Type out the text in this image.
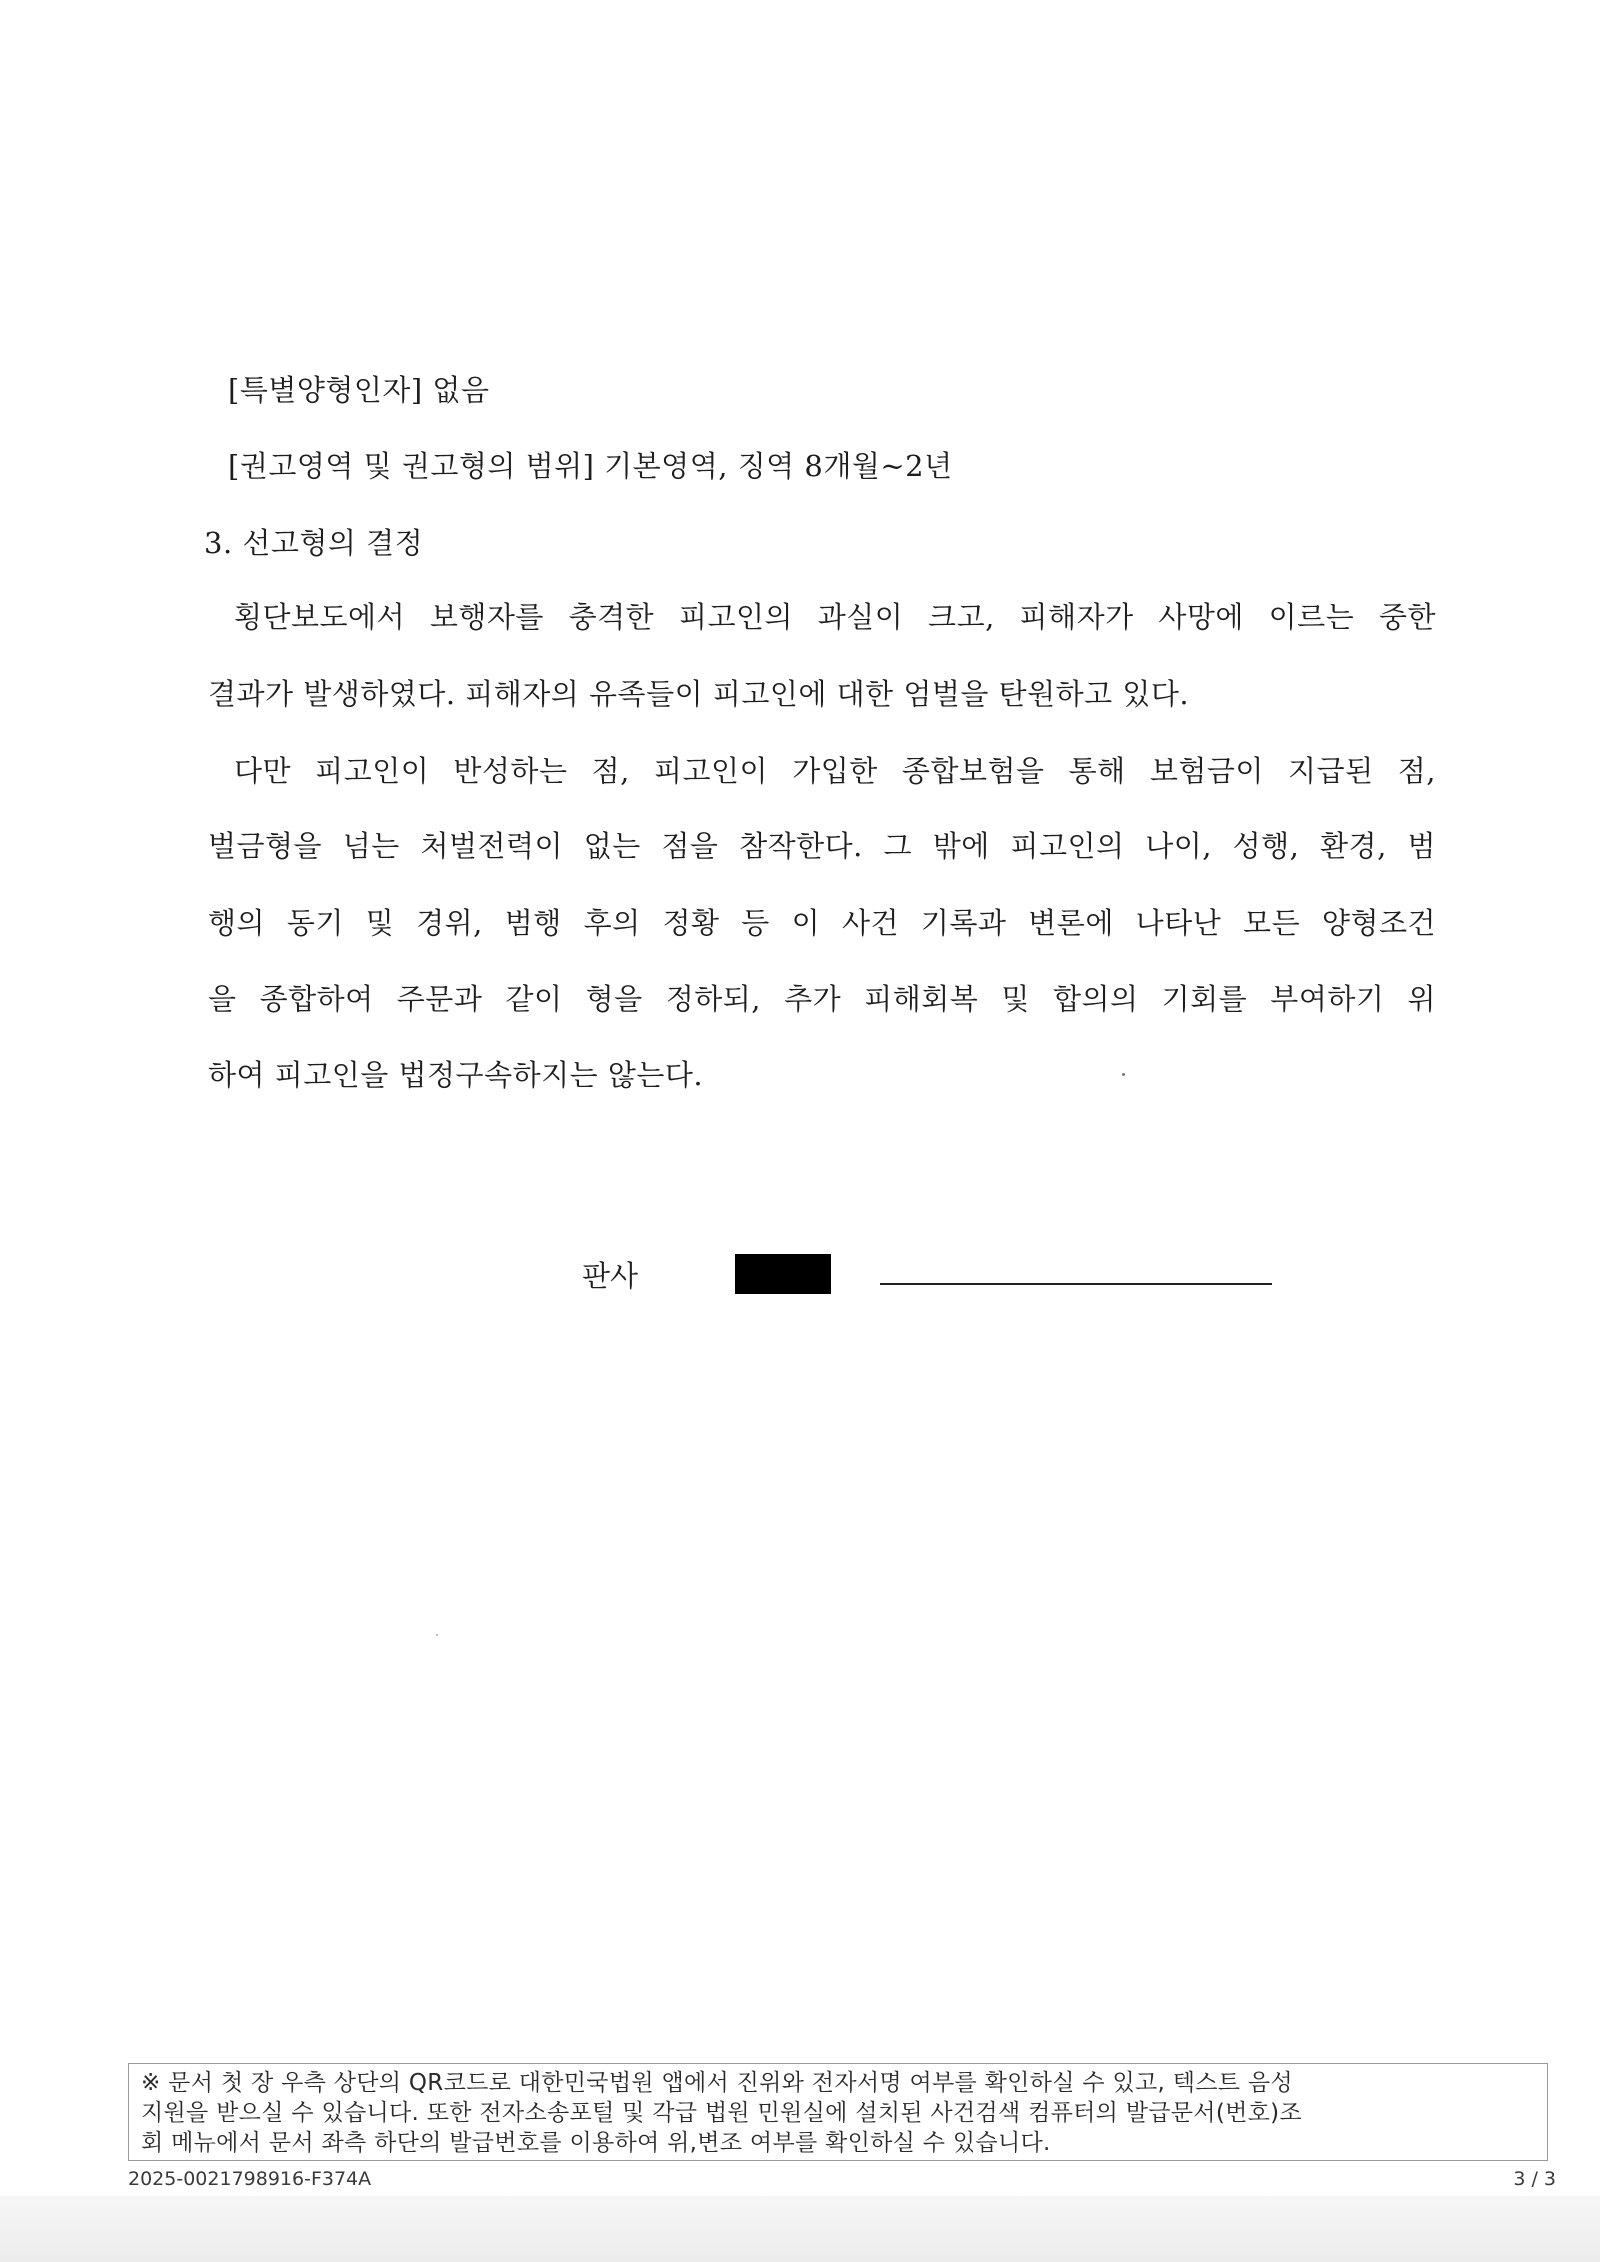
[특별양형인자] 없음
[권고영역 및 권고형의 범위] 기본영역, 징역 8개월~2년
3. 선고형의 결정
횡단보도에서 보행자를 충격한 피고인의 과실이 크고, 피해자가 사망에 이르는 중한
결과가 발생하였다. 피해자의 유족들이 피고인에 대한 엄벌을 탄원하고 있다.
다만 피고인이 반성하는 점, 피고인이 가입한 종합보험을 통해 보험금이 지급된 점,
벌금형을 넘는 처벌전력이 없는 점을 참작한다. 그 밖에 피고인의 나이, 성행, 환경, 범
행의 동기 및 경위, 범행 후의 정황 등 이 사건 기록과 변론에 나타난 모든 양형조건
을 종합하여 주문과 같이 형을 정하되, 추가 피해회복 및 합의의 기회를 부여하기 위
하여 피고인을 법정구속하지는 않는다.
판사
※ 문서 첫 장 우측 상단의 QR코드로 대한민국법원 앱에서 진위와 전자서명 여부를 확인하실 수 있고, 텍스트 음성
지원을 받으실 수 있습니다. 또한 전자소송포털 및 각급 법원 민원실에 설치된 사건검색 컴퓨터의 발급문서(번호)조
회 메뉴에서 문서 좌측 하단의 발급번호를 이용하여 위,변조 여부를 확인하실 수 있습니다.
2025-0021798916-F374A	3 / 3
